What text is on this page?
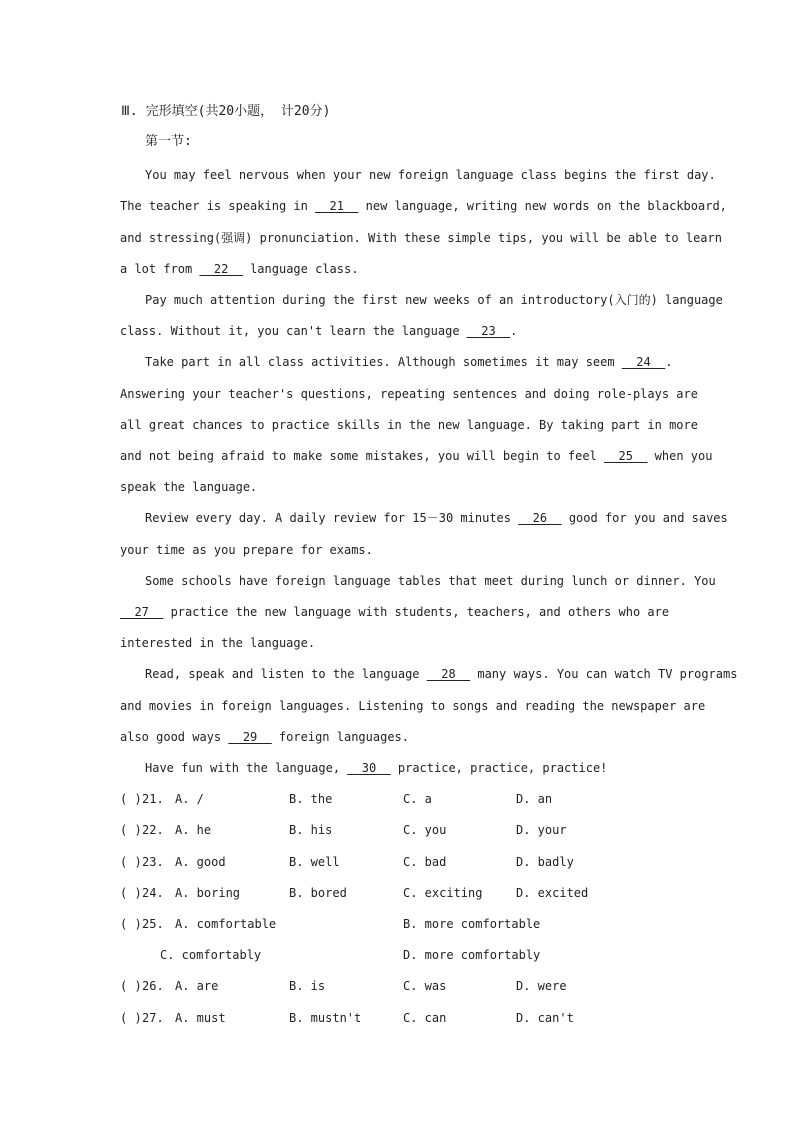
Ⅲ. 完形填空(共20小题， 计20分)
第一节:
You may feel nervous when your new foreign language class begins the first day.
The teacher is speaking in __21__ new language, writing new words on the blackboard,
and stressing(强调) pronunciation. With these simple tips, you will be able to learn
a lot from __22__ language class.
Pay much attention during the first new weeks of an introductory(入门的) language
class. Without it, you can't learn the language __23__.
Take part in all class activities. Although sometimes it may seem __24__.
Answering your teacher's questions, repeating sentences and doing role-plays are
all great chances to practice skills in the new language. By taking part in more
and not being afraid to make some mistakes, you will begin to feel __25__ when you
speak the language.
Review every day. A daily review for 15－30 minutes __26__ good for you and saves
your time as you prepare for exams.
Some schools have foreign language tables that meet during lunch or dinner. You
__27__ practice the new language with students, teachers, and others who are
interested in the language.
Read, speak and listen to the language __28__ many ways. You can watch TV programs
and movies in foreign languages. Listening to songs and reading the newspaper are
also good ways __29__ foreign languages.
Have fun with the language, __30__ practice, practice, practice!
( ) 21. A. /	B. the	C. a	D. an
( ) 22. A. he	B. his	C. you	D. your
( ) 23. A. good	B. well	C. bad	D. badly
( ) 24. A. boring	B. bored	C. exciting	D. excited
( ) 25. A. comfortable	B. more comfortable
C. comfortably	D. more comfortably
( ) 26. A. are	B. is	C. was	D. were
( ) 27. A. must	B. mustn't	C. can	D. can't
